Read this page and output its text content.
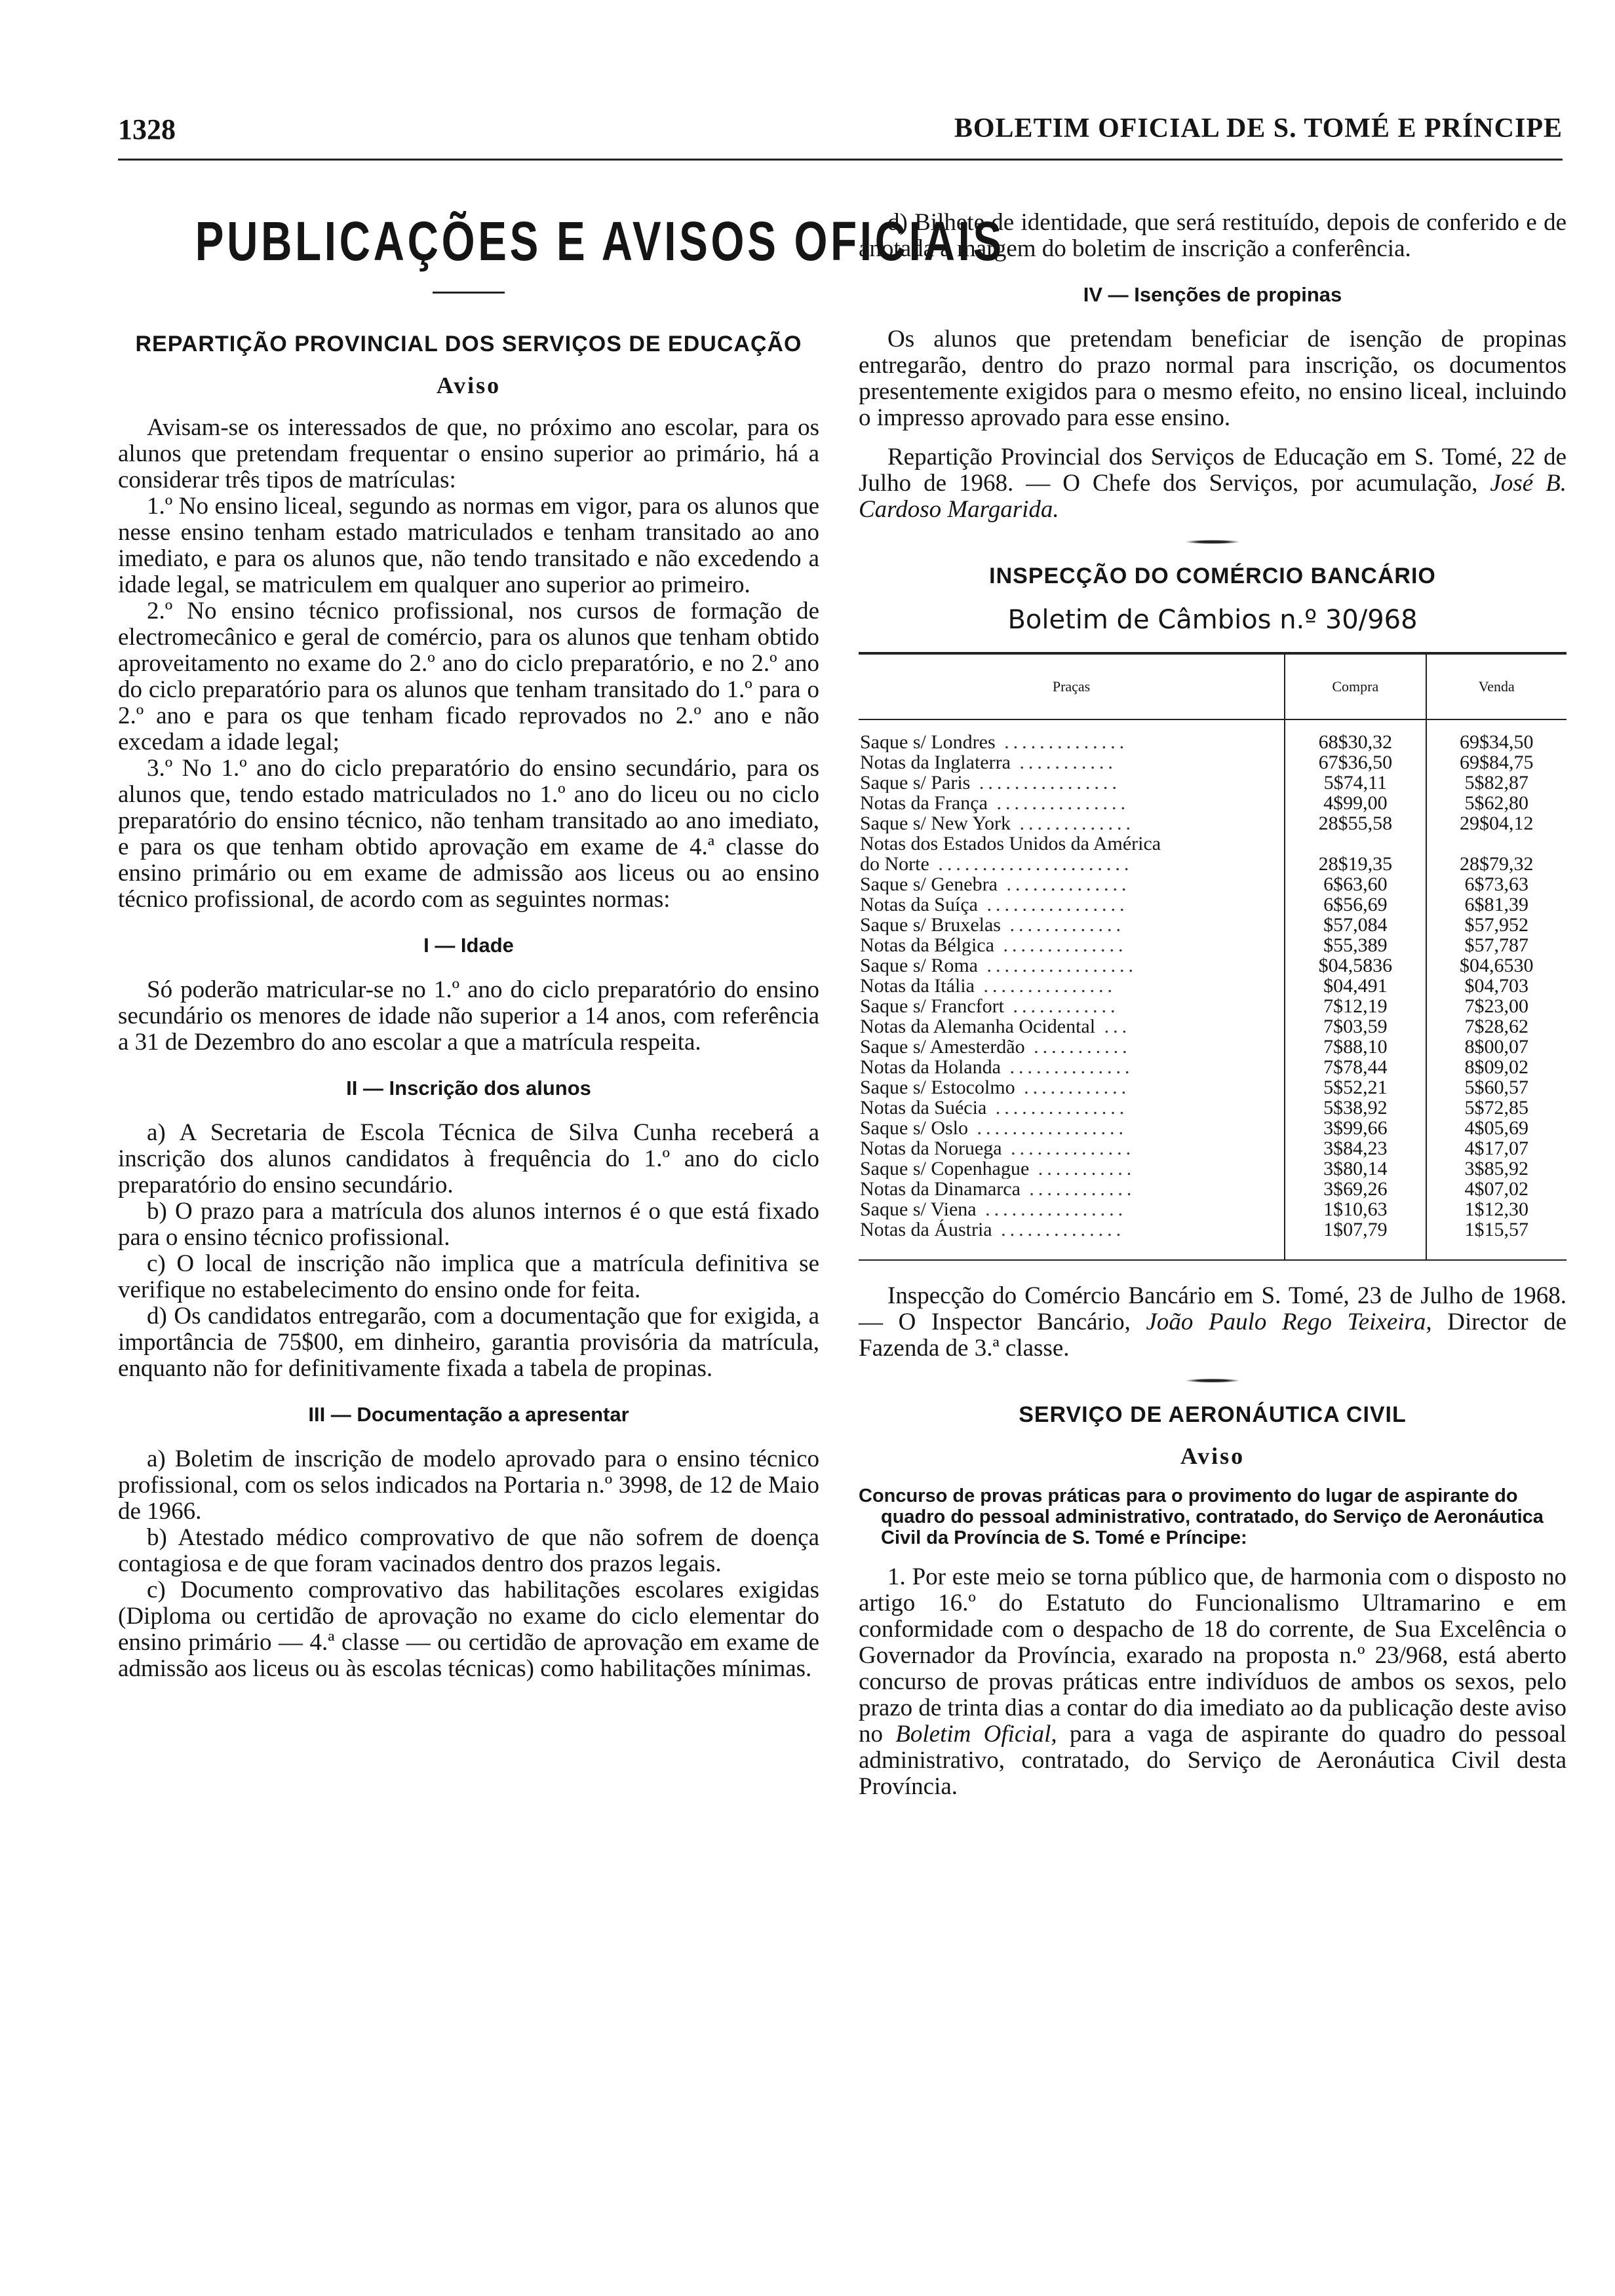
1328	BOLETIM OFICIAL DE S. TOMÉ E PRÍNCIPE
PUBLICAÇÕES E AVISOS OFICIAIS
REPARTIÇÃO PROVINCIAL DOS SERVIÇOS DE EDUCAÇÃO
Aviso

Avisam-se os interessados de que, no próximo ano escolar, para os alunos que pretendam frequentar o ensino superior ao primário, há a considerar três tipos de matrículas:

1.º No ensino liceal, segundo as normas em vigor, para os alunos que nesse ensino tenham estado matriculados e tenham transitado ao ano imediato, e para os alunos que, não tendo transitado e não excedendo a idade legal, se matriculem em qualquer ano superior ao primeiro.

2.º No ensino técnico profissional, nos cursos de formação de electromecânico e geral de comércio, para os alunos que tenham obtido aproveitamento no exame do 2.º ano do ciclo preparatório, e no 2.º ano do ciclo preparatório para os alunos que tenham transitado do 1.º para o 2.º ano e para os que tenham ficado reprovados no 2.º ano e não excedam a idade legal;

3.º No 1.º ano do ciclo preparatório do ensino secundário, para os alunos que, tendo estado matriculados no 1.º ano do liceu ou no ciclo preparatório do ensino técnico, não tenham transitado ao ano imediato, e para os que tenham obtido aprovação em exame de 4.ª classe do ensino primário ou em exame de admissão aos liceus ou ao ensino técnico profissional, de acordo com as seguintes normas:

I — Idade

Só poderão matricular-se no 1.º ano do ciclo preparatório do ensino secundário os menores de idade não superior a 14 anos, com referência a 31 de Dezembro do ano escolar a que a matrícula respeita.

II — Inscrição dos alunos

a) A Secretaria de Escola Técnica de Silva Cunha receberá a inscrição dos alunos candidatos à frequência do 1.º ano do ciclo preparatório do ensino secundário.

b) O prazo para a matrícula dos alunos internos é o que está fixado para o ensino técnico profissional.

c) O local de inscrição não implica que a matrícula definitiva se verifique no estabelecimento do ensino onde for feita.

d) Os candidatos entregarão, com a documentação que for exigida, a importância de 75$00, em dinheiro, garantia provisória da matrícula, enquanto não for definitivamente fixada a tabela de propinas.

III — Documentação a apresentar

a) Boletim de inscrição de modelo aprovado para o ensino técnico profissional, com os selos indicados na Portaria n.º 3998, de 12 de Maio de 1966.

b) Atestado médico comprovativo de que não sofrem de doença contagiosa e de que foram vacinados dentro dos prazos legais.

c) Documento comprovativo das habilitações escolares exigidas (Diploma ou certidão de aprovação no exame do ciclo elementar do ensino primário — 4.ª classe — ou certidão de aprovação em exame de admissão aos liceus ou às escolas técnicas) como habilitações mínimas.

d) Bilhete de identidade, que será restituído, depois de conferido e de anotada à margem do boletim de inscrição a conferência.

IV — Isenções de propinas

Os alunos que pretendam beneficiar de isenção de propinas entregarão, dentro do prazo normal para inscrição, os documentos presentemente exigidos para o mesmo efeito, no ensino liceal, incluindo o impresso aprovado para esse ensino.

Repartição Provincial dos Serviços de Educação em S. Tomé, 22 de Julho de 1968. — O Chefe dos Serviços, por acumulação, José B. Cardoso Margarida.

INSPECÇÃO DO COMÉRCIO BANCÁRIO
Boletim de Câmbios n.º 30/968
Praças	Compra	Venda
Saque s/ Londres ..............	68$30,32	69$34,50
Notas da Inglaterra ...........	67$36,50	69$84,75
Saque s/ Paris ................	5$74,11	5$82,87
Notas da França ...............	4$99,00	5$62,80
Saque s/ New York .............	28$55,58	29$04,12
Notas dos Estados Unidos da América		
do Norte ......................	28$19,35	28$79,32
Saque s/ Genebra ..............	6$63,60	6$73,63
Notas da Suíça ................	6$56,69	6$81,39
Saque s/ Bruxelas .............	$57,084	$57,952
Notas da Bélgica ..............	$55,389	$57,787
Saque s/ Roma .................	$04,5836	$04,6530
Notas da Itália ...............	$04,491	$04,703
Saque s/ Francfort ............	7$12,19	7$23,00
Notas da Alemanha Ocidental ...	7$03,59	7$28,62
Saque s/ Amesterdão ...........	7$88,10	8$00,07
Notas da Holanda ..............	7$78,44	8$09,02
Saque s/ Estocolmo ............	5$52,21	5$60,57
Notas da Suécia ...............	5$38,92	5$72,85
Saque s/ Oslo .................	3$99,66	4$05,69
Notas da Noruega ..............	3$84,23	4$17,07
Saque s/ Copenhague ...........	3$80,14	3$85,92
Notas da Dinamarca ............	3$69,26	4$07,02
Saque s/ Viena ................	1$10,63	1$12,30
Notas da Áustria ..............	1$07,79	1$15,57

Inspecção do Comércio Bancário em S. Tomé, 23 de Julho de 1968. — O Inspector Bancário, João Paulo Rego Teixeira, Director de Fazenda de 3.ª classe.

SERVIÇO DE AERONÁUTICA CIVIL
Aviso

Concurso de provas práticas para o provimento do lugar de aspirante do quadro do pessoal administrativo, contratado, do Serviço de Aeronáutica Civil da Província de S. Tomé e Príncipe:

1. Por este meio se torna público que, de harmonia com o disposto no artigo 16.º do Estatuto do Funcionalismo Ultramarino e em conformidade com o despacho de 18 do corrente, de Sua Excelência o Governador da Província, exarado na proposta n.º 23/968, está aberto concurso de provas práticas entre indivíduos de ambos os sexos, pelo prazo de trinta dias a contar do dia imediato ao da publicação deste aviso no Boletim Oficial, para a vaga de aspirante do quadro do pessoal administrativo, contratado, do Serviço de Aeronáutica Civil desta Província.
